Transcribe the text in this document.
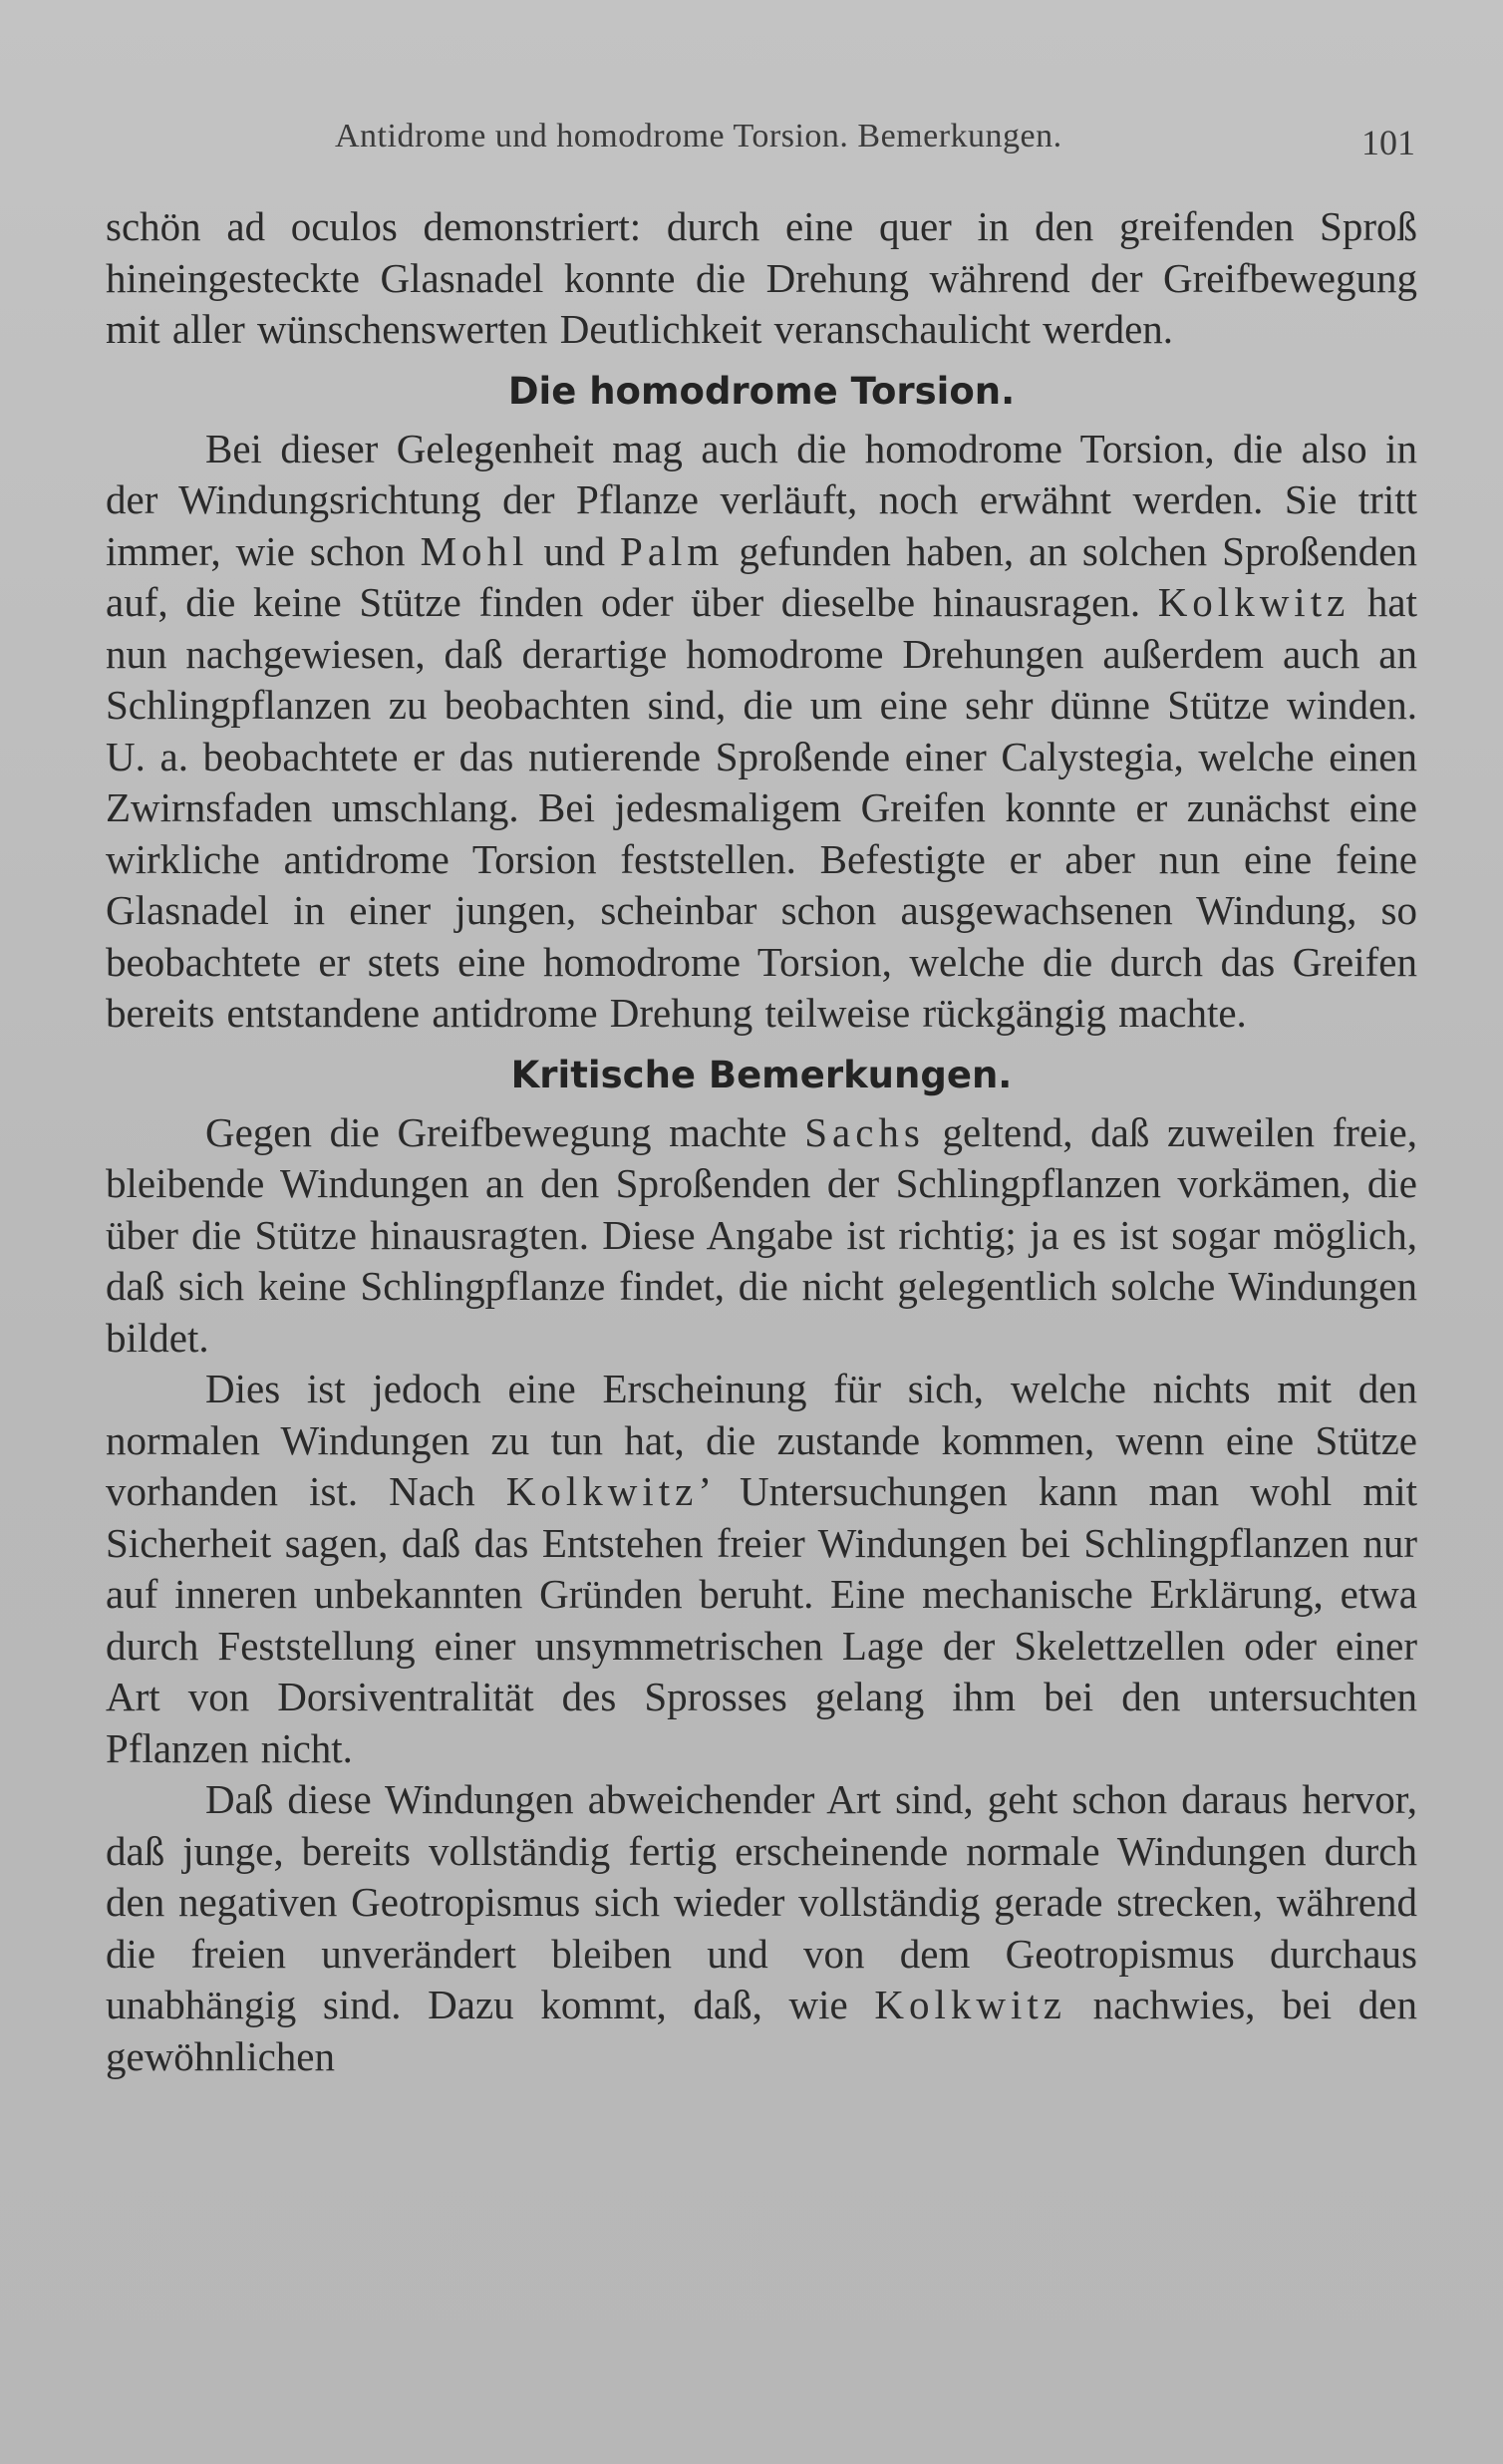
Antidrome und homodrome Torsion. Bemerkungen.	101

schön ad oculos demonstriert: durch eine quer in den greifenden Sproß hineingesteckte Glasnadel konnte die Drehung während der Greifbewegung mit aller wünschenswerten Deutlichkeit veranschaulicht werden.

Die homodrome Torsion.

Bei dieser Gelegenheit mag auch die homodrome Torsion, die also in der Windungsrichtung der Pflanze verläuft, noch erwähnt werden. Sie tritt immer, wie schon Mohl und Palm gefunden haben, an solchen Sproßenden auf, die keine Stütze finden oder über dieselbe hinausragen. Kolkwitz hat nun nachgewiesen, daß derartige homodrome Drehungen außerdem auch an Schlingpflanzen zu beobachten sind, die um eine sehr dünne Stütze winden. U. a. beobachtete er das nutierende Sproßende einer Calystegia, welche einen Zwirnsfaden umschlang. Bei jedesmaligem Greifen konnte er zunächst eine wirkliche antidrome Torsion feststellen. Befestigte er aber nun eine feine Glasnadel in einer jungen, scheinbar schon ausgewachsenen Windung, so beobachtete er stets eine homodrome Torsion, welche die durch das Greifen bereits entstandene antidrome Drehung teilweise rückgängig machte.

Kritische Bemerkungen.

Gegen die Greifbewegung machte Sachs geltend, daß zuweilen freie, bleibende Windungen an den Sproßenden der Schlingpflanzen vorkämen, die über die Stütze hinausragten. Diese Angabe ist richtig; ja es ist sogar möglich, daß sich keine Schlingpflanze findet, die nicht gelegentlich solche Windungen bildet.

Dies ist jedoch eine Erscheinung für sich, welche nichts mit den normalen Windungen zu tun hat, die zustande kommen, wenn eine Stütze vorhanden ist. Nach Kolkwitz’ Untersuchungen kann man wohl mit Sicherheit sagen, daß das Entstehen freier Windungen bei Schlingpflanzen nur auf inneren unbekannten Gründen beruht. Eine mechanische Erklärung, etwa durch Feststellung einer unsymmetrischen Lage der Skelettzellen oder einer Art von Dorsiventralität des Sprosses gelang ihm bei den untersuchten Pflanzen nicht.

Daß diese Windungen abweichender Art sind, geht schon daraus hervor, daß junge, bereits vollständig fertig erscheinende normale Windungen durch den negativen Geotropismus sich wieder vollständig gerade strecken, während die freien unverändert bleiben und von dem Geotropismus durchaus unabhängig sind. Dazu kommt, daß, wie Kolkwitz nachwies, bei den gewöhnlichen
